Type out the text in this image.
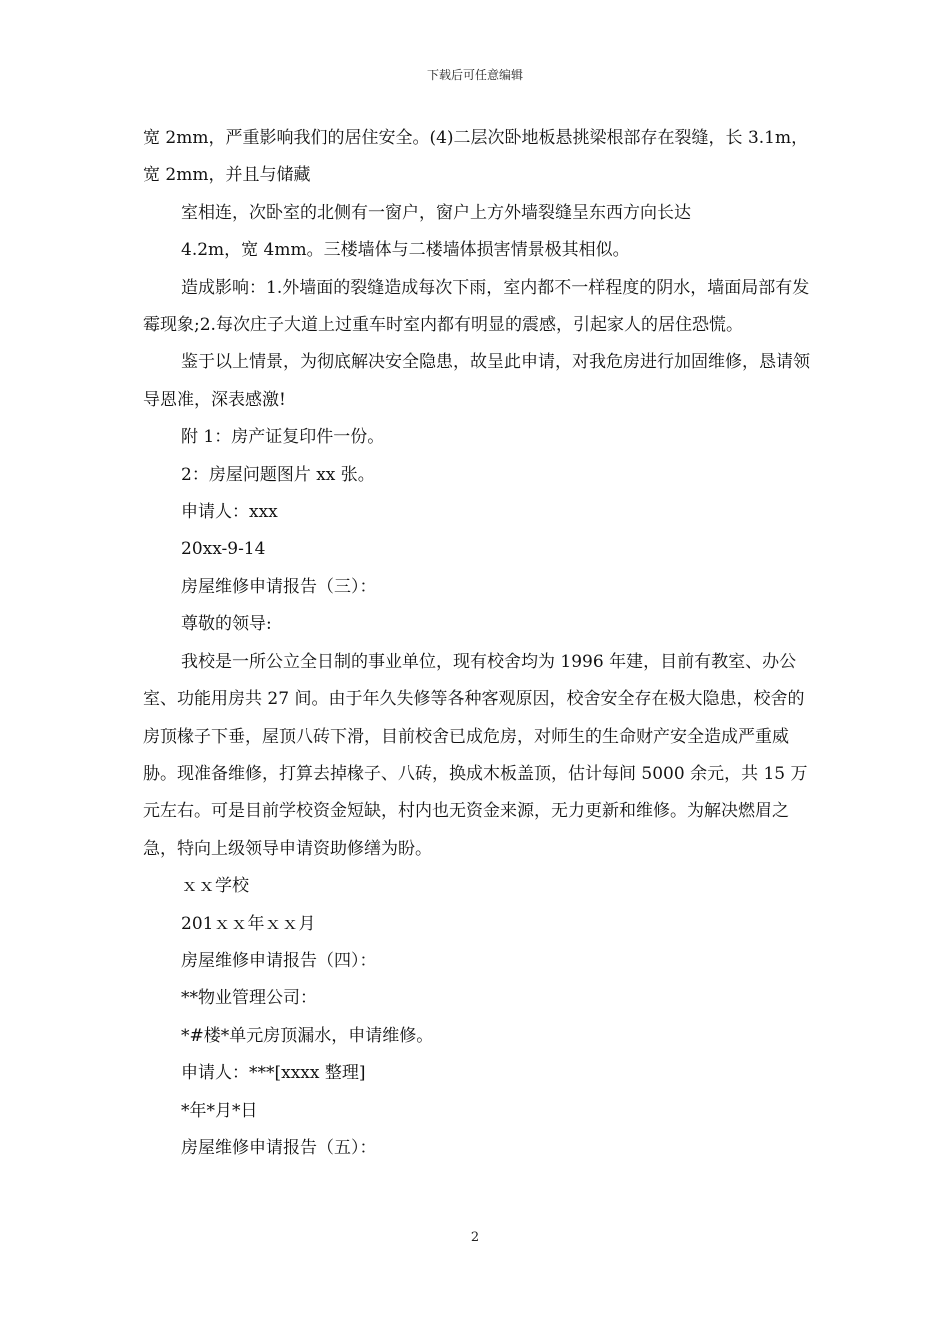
下载后可任意编辑

宽 2mm，严重影响我们的居住安全。(4)二层次卧地板悬挑梁根部存在裂缝，长 3.1m，宽 2mm，并且与储藏

室相连，次卧室的北侧有一窗户，窗户上方外墙裂缝呈东西方向长达

4.2m，宽 4mm。三楼墙体与二楼墙体损害情景极其相似。

造成影响：1.外墙面的裂缝造成每次下雨，室内都不一样程度的阴水，墙面局部有发霉现象;2.每次庄子大道上过重车时室内都有明显的震感，引起家人的居住恐慌。

鉴于以上情景，为彻底解决安全隐患，故呈此申请，对我危房进行加固维修，恳请领导恩准，深表感激!

附 1：房产证复印件一份。

2：房屋问题图片 xx 张。

申请人：xxx

20xx-9-14

房屋维修申请报告（三）：

尊敬的领导:

我校是一所公立全日制的事业单位，现有校舍均为 1996 年建，目前有教室、办公室、功能用房共 27 间。由于年久失修等各种客观原因，校舍安全存在极大隐患，校舍的房顶椽子下垂，屋顶八砖下滑，目前校舍已成危房，对师生的生命财产安全造成严重威胁。现准备维修，打算去掉椽子、八砖，换成木板盖顶，估计每间 5000 余元，共 15 万元左右。可是目前学校资金短缺，村内也无资金来源，无力更新和维修。为解决燃眉之急，特向上级领导申请资助修缮为盼。

ｘｘ学校

201ｘｘ年ｘｘ月

房屋维修申请报告（四）：

**物业管理公司：

*#楼*单元房顶漏水，申请维修。

申请人：***[xxxx 整理]

*年*月*日

房屋维修申请报告（五）：

2
